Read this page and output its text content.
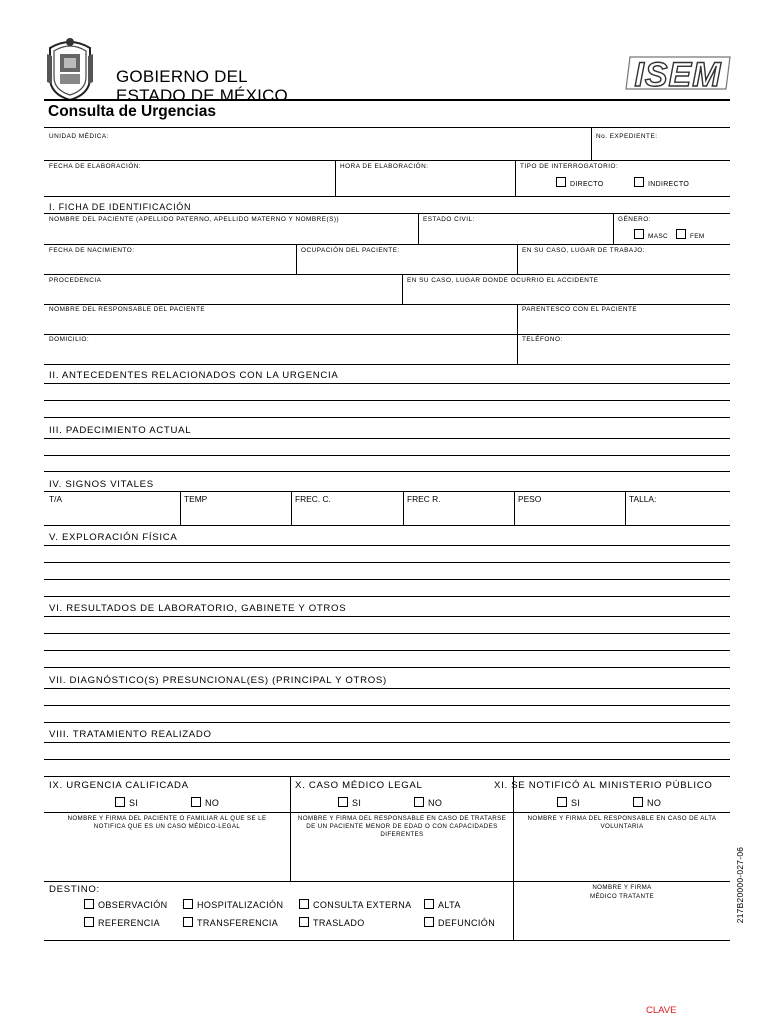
GOBIERNO DEL
ESTADO DE MÉXICO
ISEM
Consulta de Urgencias
UNIDAD MÉDICA:	No. EXPEDIENTE:
FECHA DE ELABORACIÓN:	HORA DE ELABORACIÓN:	TIPO DE INTERROGATORIO:
DIRECTO	INDIRECTO
I. FICHA DE IDENTIFICACIÓN
NOMBRE DEL PACIENTE (APELLIDO PATERNO, APELLIDO MATERNO Y NOMBRE(S))	ESTADO CIVIL:	GÉNERO:
MASC	FEM
FECHA DE NACIMIENTO:	OCUPACIÓN DEL PACIENTE:	EN SU CASO, LUGAR DE TRABAJO:
PROCEDENCIA	EN SU CASO, LUGAR DONDE OCURRIO EL ACCIDENTE
NOMBRE DEL RESPONSABLE DEL PACIENTE	PARENTESCO CON EL PACIENTE
DOMICILIO:	TELÉFONO:
II. ANTECEDENTES RELACIONADOS CON LA URGENCIA
III. PADECIMIENTO ACTUAL
IV. SIGNOS VITALES
T/A	TEMP	FREC. C.	FREC R.	PESO	TALLA:
V. EXPLORACIÓN FÍSICA
VI. RESULTADOS DE LABORATORIO, GABINETE Y OTROS
VII. DIAGNÓSTICO(S) PRESUNCIONAL(ES) (PRINCIPAL Y OTROS)
VIII. TRATAMIENTO REALIZADO
IX. URGENCIA CALIFICADA
SI	NO
X. CASO MÉDICO LEGAL
SI	NO
XI. SE NOTIFICÓ AL MINISTERIO PÚBLICO
SI	NO
NOMBRE Y FIRMA DEL PACIENTE O FAMILIAR AL QUE SE LE NOTIFICA QUE ES UN CASO MÉDICO-LEGAL
NOMBRE Y FIRMA DEL RESPONSABLE EN CASO DE TRATARSE DE UN PACIENTE MENOR DE EDAD O CON CAPACIDADES DIFERENTES
NOMBRE Y FIRMA DEL RESPONSABLE EN CASO DE ALTA VOLUNTARIA
DESTINO:
OBSERVACIÓN	HOSPITALIZACIÓN	CONSULTA EXTERNA	ALTA
REFERENCIA	TRANSFERENCIA	TRASLADO	DEFUNCIÓN
NOMBRE Y FIRMA
MÉDICO TRATANTE	217B20000-027-06
CLAVE
